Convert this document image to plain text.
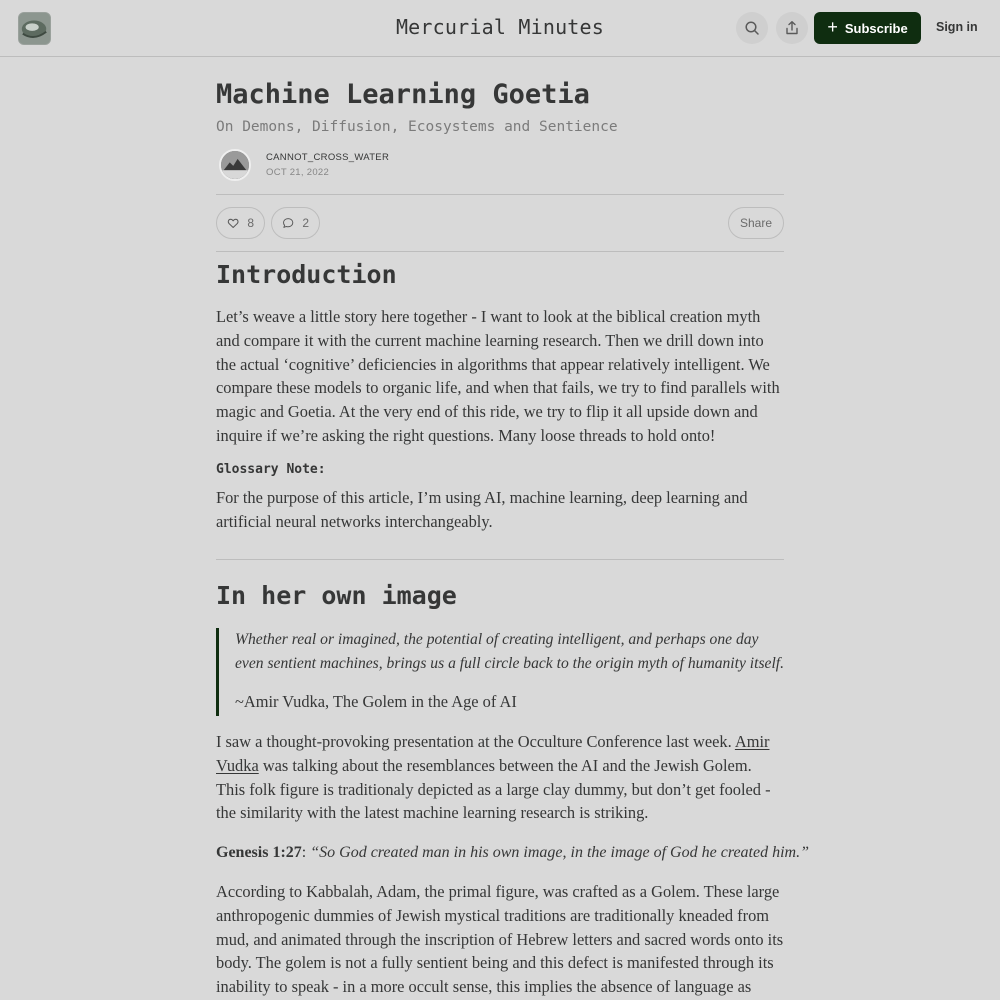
Mercurial Minutes	+ Subscribe Sign in
Machine Learning Goetia
On Demons, Diffusion, Ecosystems and Sentience
CANNOT_CROSS_WATER
OCT 21, 2022
8	2	Share
Introduction

Let’s weave a little story here together - I want to look at the biblical creation myth and compare it with the current machine learning research. Then we drill down into the actual ‘cognitive’ deficiencies in algorithms that appear relatively intelligent. We compare these models to organic life, and when that fails, we try to find parallels with magic and Goetia. At the very end of this ride, we try to flip it all upside down and inquire if we’re asking the right questions. Many loose threads to hold onto!

Glossary Note:

For the purpose of this article, I’m using AI, machine learning, deep learning and artificial neural networks interchangeably.

In her own image

Whether real or imagined, the potential of creating intelligent, and perhaps one day even sentient machines, brings us a full circle back to the origin myth of humanity itself.

~Amir Vudka, The Golem in the Age of AI

I saw a thought-provoking presentation at the Occulture Conference last week. Amir Vudka was talking about the resemblances between the AI and the Jewish Golem. This folk figure is traditionaly depicted as a large clay dummy, but don’t get fooled - the similarity with the latest machine learning research is striking.

Genesis 1:27: “So God created man in his own image, in the image of God he created him.”

According to Kabbalah, Adam, the primal figure, was crafted as a Golem. These large anthropogenic dummies of Jewish mystical traditions are traditionally kneaded from mud, and animated through the inscription of Hebrew letters and sacred words onto its body. The golem is not a fully sentient being and this defect is manifested through its inability to speak - in a more occult sense, this implies the absence of language as
